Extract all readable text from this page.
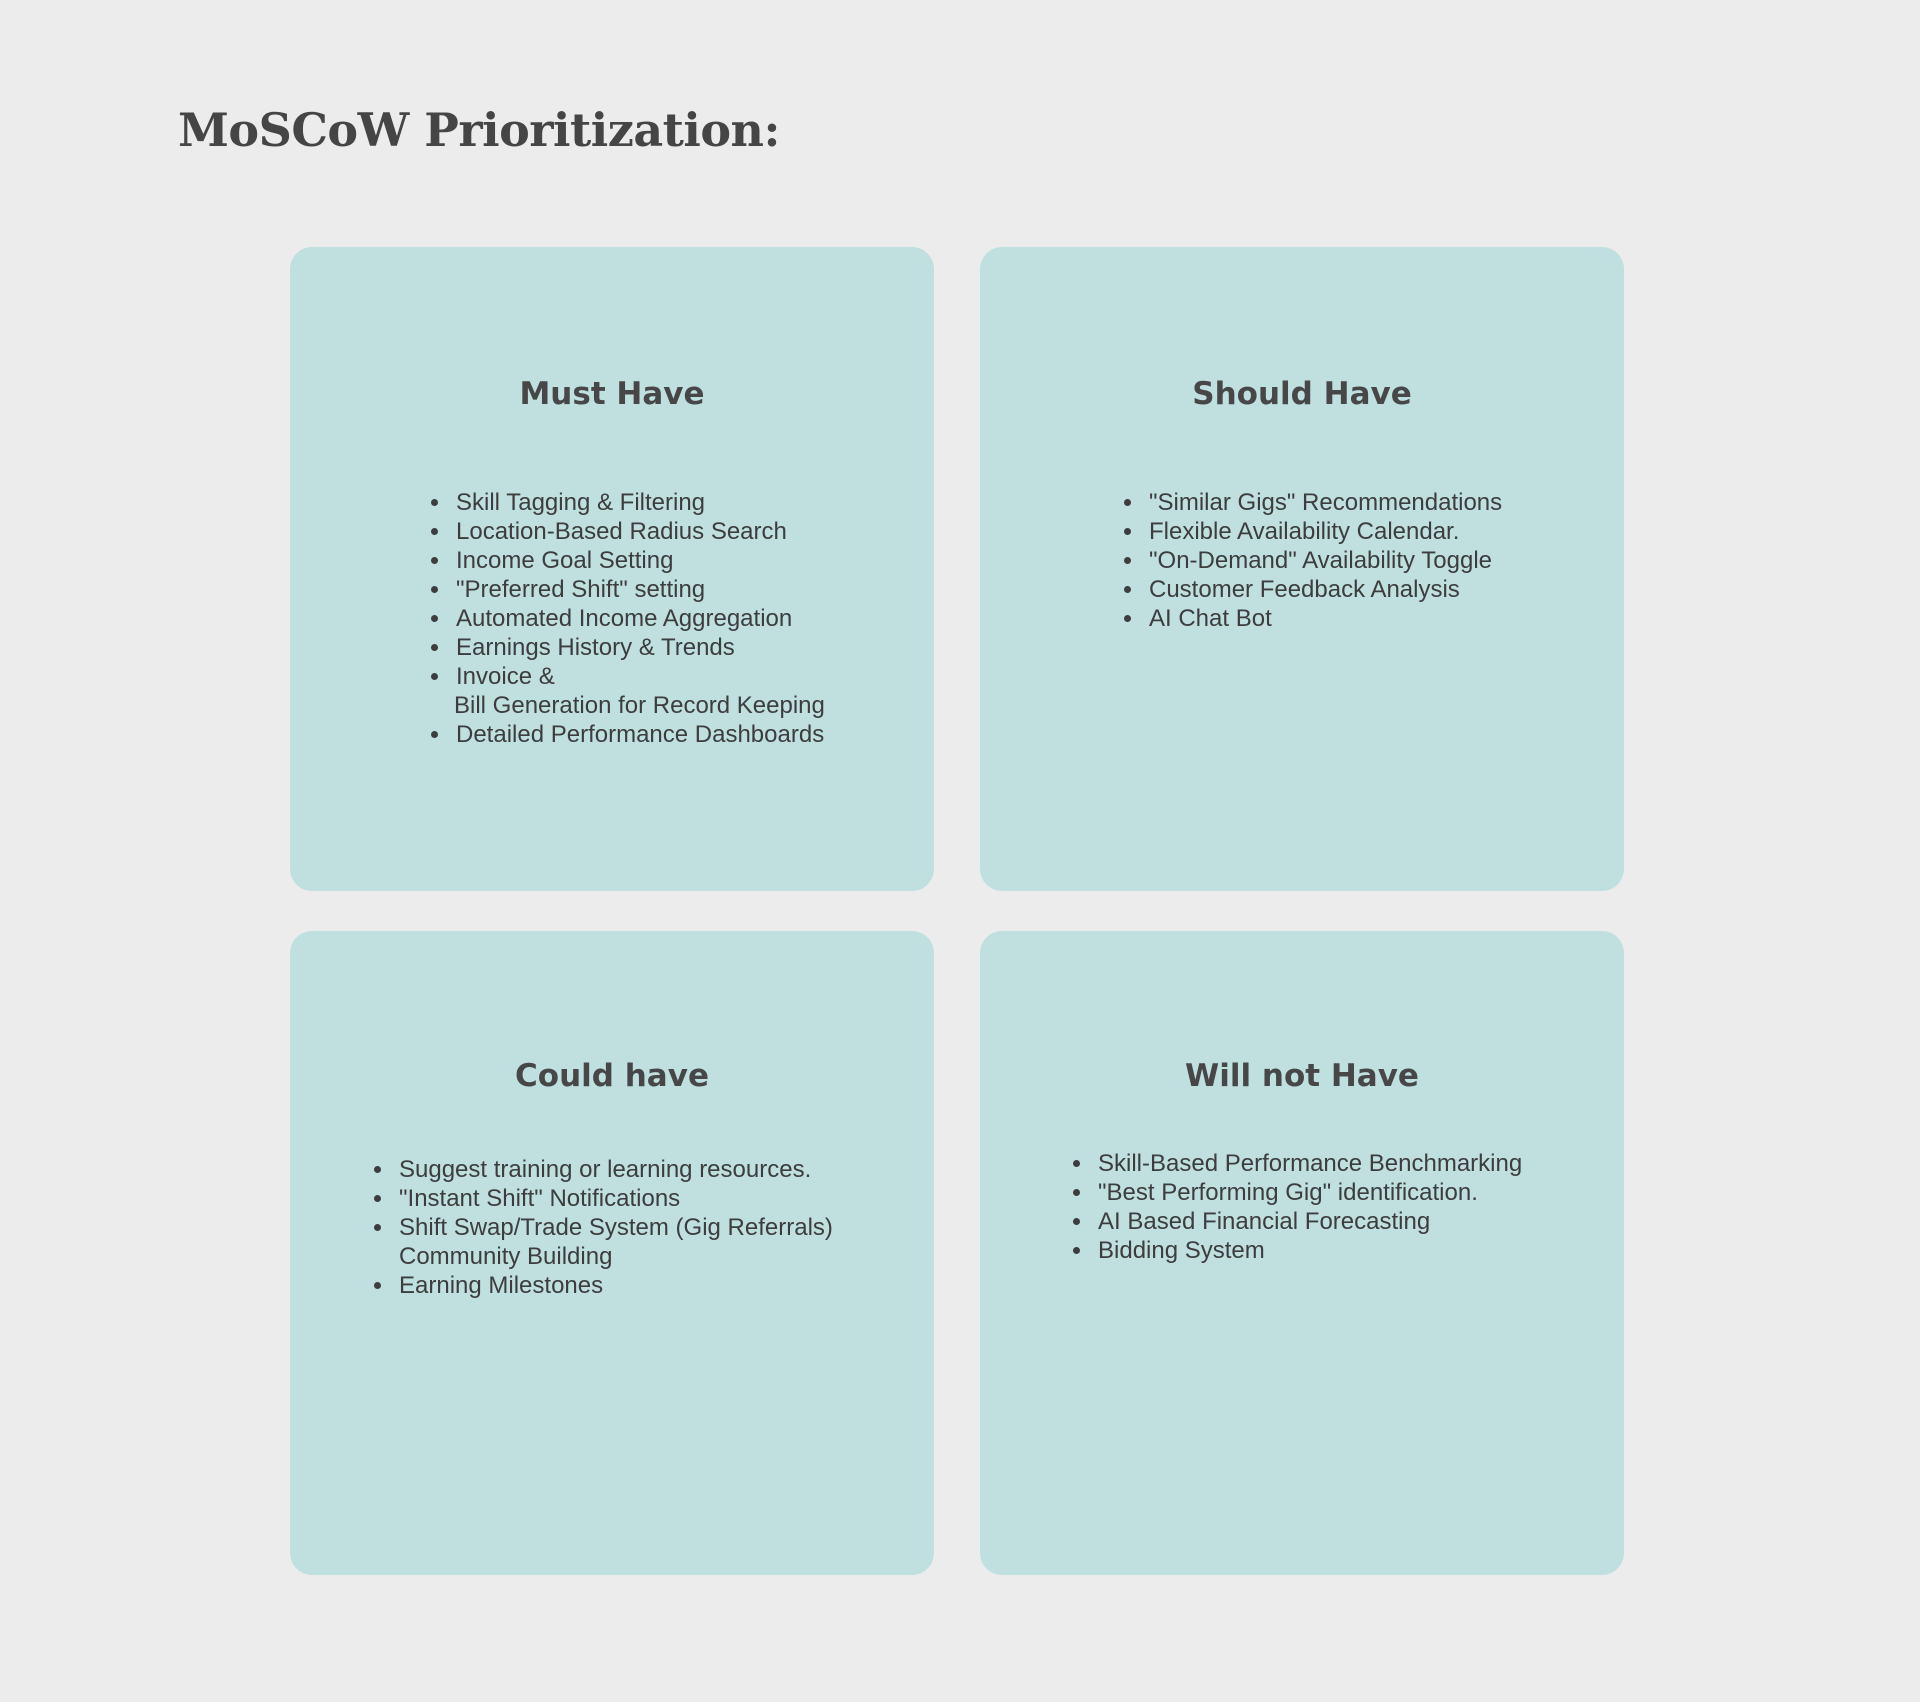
MoSCoW Prioritization:
Must Have
• Skill Tagging & Filtering
• Location-Based Radius Search
• Income Goal Setting
• "Preferred Shift" setting
• Automated Income Aggregation
• Earnings History & Trends
• Invoice &
Bill Generation for Record Keeping
• Detailed Performance Dashboards
Should Have
• "Similar Gigs" Recommendations
• Flexible Availability Calendar.
• "On-Demand" Availability Toggle
• Customer Feedback Analysis
• AI Chat Bot
Could have
• Suggest training or learning resources.
• "Instant Shift" Notifications
• Shift Swap/Trade System (Gig Referrals)
Community Building
• Earning Milestones
Will not Have
• Skill-Based Performance Benchmarking
• "Best Performing Gig" identification.
• AI Based Financial Forecasting
• Bidding System
